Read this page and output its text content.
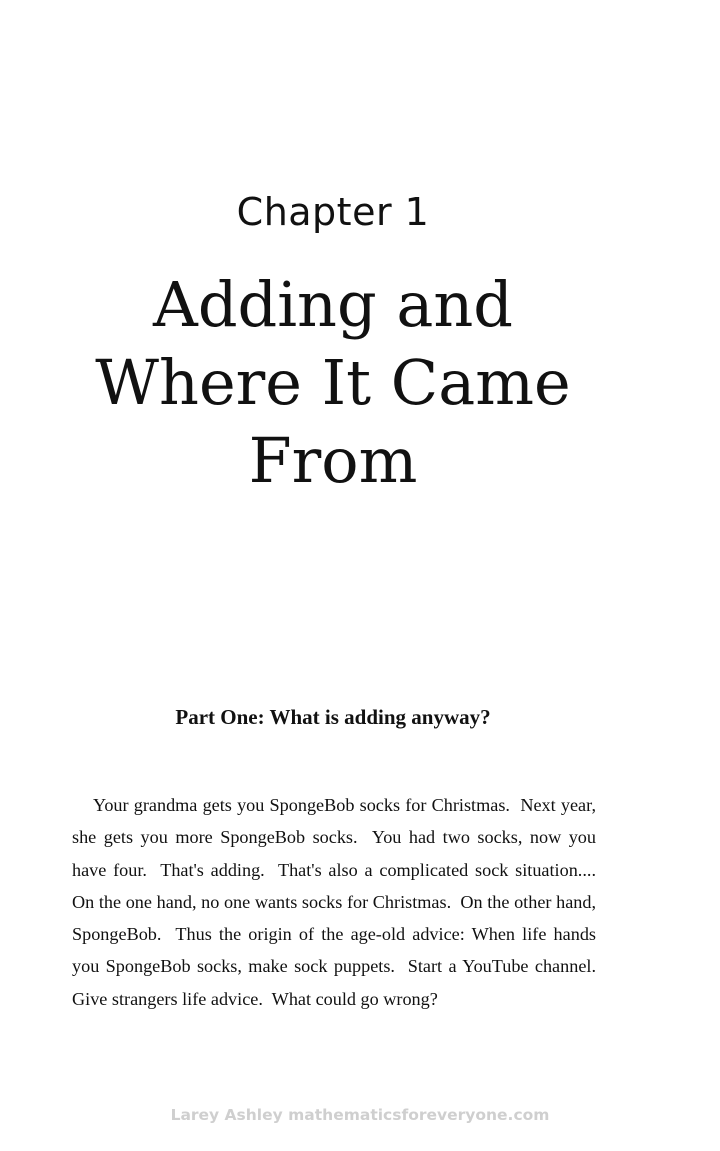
Chapter 1
Adding and
Where It Came
From
Part One: What is adding anyway?

Your grandma gets you SpongeBob socks for Christmas.  Next year, she gets you more SpongeBob socks.  You had two socks, now you have four.  That's adding.  That's also a complicated sock situation....  On the one hand, no one wants socks for Christmas.  On the other hand, SpongeBob.  Thus the origin of the age-old advice: When life hands you SpongeBob socks, make sock puppets.  Start a YouTube channel.  Give strangers life advice.  What could go wrong?

Larey Ashley mathematicsforeveryone.com
